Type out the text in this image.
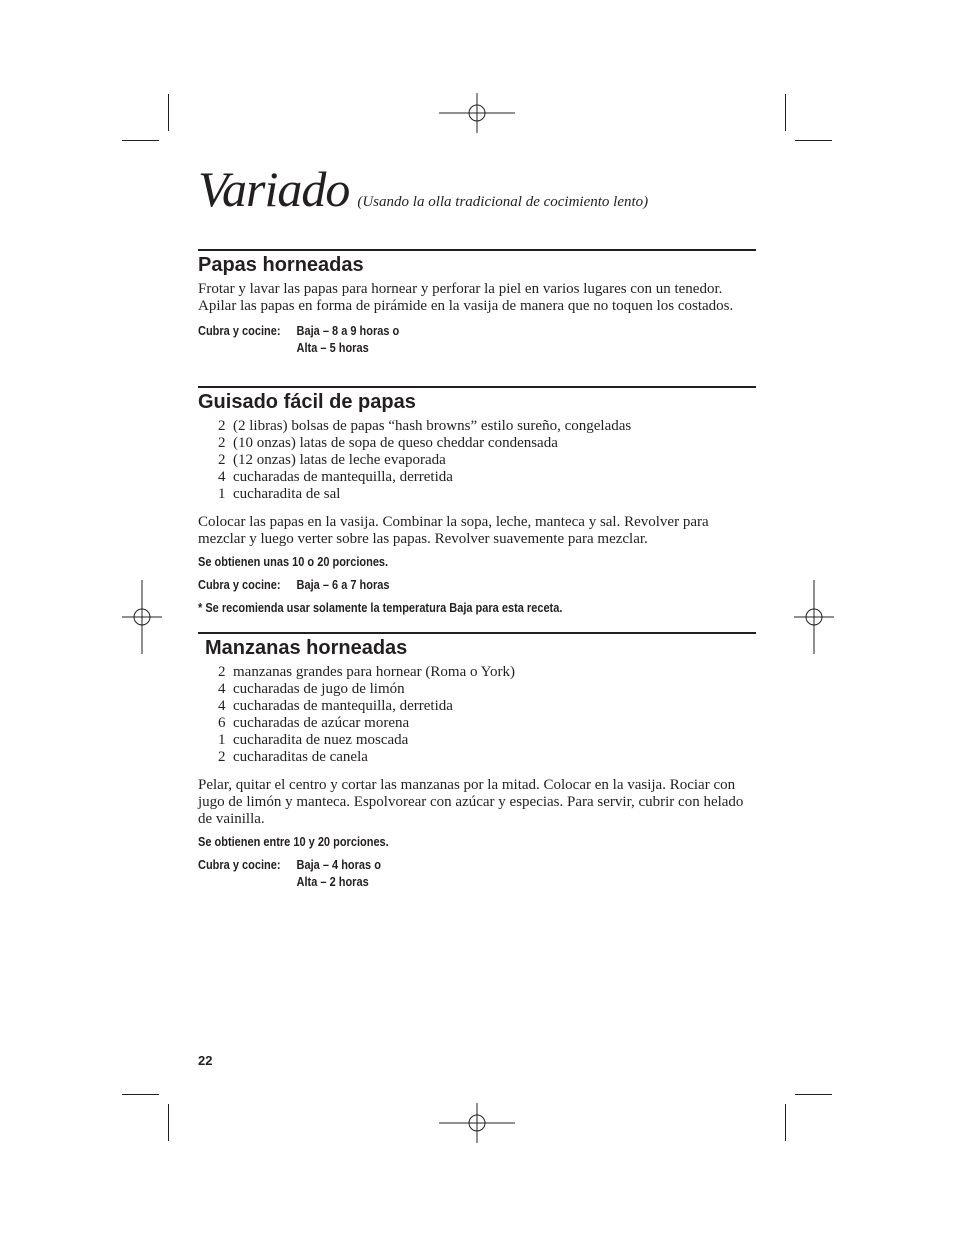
Variado (Usando la olla tradicional de cocimiento lento)
Papas horneadas

Frotar y lavar las papas para hornear y perforar la piel en varios lugares con un tenedor. Apilar las papas en forma de pirámide en la vasija de manera que no toquen los costados.

Cubra y cocine:	Baja – 8 a 9 horas o
Alta – 5 horas
Guisado fácil de papas
2 (2 libras) bolsas de papas “hash browns” estilo sureño, congeladas
2 (10 onzas) latas de sopa de queso cheddar condensada
2 (12 onzas) latas de leche evaporada
4 cucharadas de mantequilla, derretida
1 cucharadita de sal

Colocar las papas en la vasija. Combinar la sopa, leche, manteca y sal. Revolver para mezclar y luego verter sobre las papas. Revolver suavemente para mezclar.

Se obtienen unas 10 o 20 porciones.
Cubra y cocine:	Baja – 6 a 7 horas
* Se recomienda usar solamente la temperatura Baja para esta receta.
Manzanas horneadas
2 manzanas grandes para hornear (Roma o York)
4 cucharadas de jugo de limón
4 cucharadas de mantequilla, derretida
6 cucharadas de azúcar morena
1 cucharadita de nuez moscada
2 cucharaditas de canela

Pelar, quitar el centro y cortar las manzanas por la mitad. Colocar en la vasija. Rociar con jugo de limón y manteca. Espolvorear con azúcar y especias. Para servir, cubrir con helado de vainilla.

Se obtienen entre 10 y 20 porciones.
Cubra y cocine:	Baja – 4 horas o
Alta – 2 horas
22
